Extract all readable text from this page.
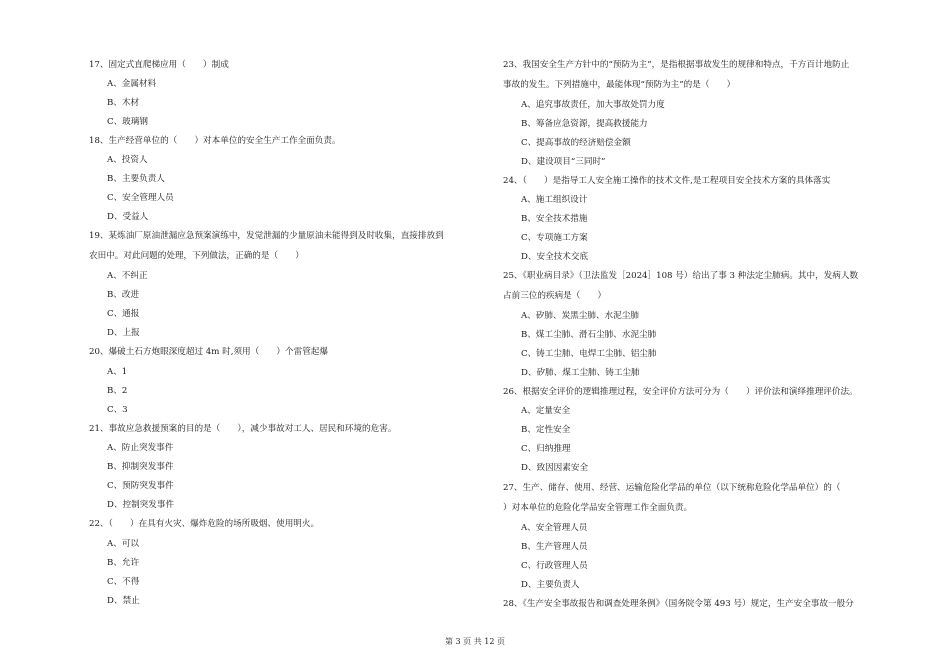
17、固定式直爬梯应用（　　）制成
A、金属材料
B、木材
C、玻璃钢
18、生产经营单位的（　　）对本单位的安全生产工作全面负责。
A、投资人
B、主要负责人
C、安全管理人员
D、受益人
19、某炼油厂原油泄漏应急预案演练中，发觉泄漏的少量原油未能得到及时收集，直接排放到
农田中。对此问题的处理，下列做法，正确的是（　　）
A、不纠正
B、改进
C、通报
D、上报
20、爆破土石方炮眼深度超过 4m 时,须用（　　）个雷管起爆
A、1
B、2
C、3
21、事故应急救援预案的目的是（　　），减少事故对工人、居民和环境的危害。
A、防止突发事件
B、抑制突发事件
C、预防突发事件
D、控制突发事件
22、（　　）在具有火灾、爆炸危险的场所吸烟、使用明火。
A、可以
B、允许
C、不得
D、禁止
23、我国安全生产方针中的“预防为主”，是指根据事故发生的规律和特点，千方百计地防止
事故的发生。下列措施中，最能体现“预防为主”的是（　　）
A、追究事故责任，加大事故处罚力度
B、筹备应急资源，提高救援能力
C、提高事故的经济赔偿金额
D、建设项目“三同时”
24、（　　）是指导工人安全施工操作的技术文件,是工程项目安全技术方案的具体落实
A、施工组织设计
B、安全技术措施
C、专项施工方案
D、安全技术交底
25、《职业病目录》（卫法监发［2024］108 号）给出了事 3 种法定尘肺病。其中，发病人数
占前三位的疾病是（　　）
A、矽肺、炭黑尘肺、水泥尘肺
B、煤工尘肺、滑石尘肺、水泥尘肺
C、铸工尘肺、电焊工尘肺、铝尘肺
D、矽肺、煤工尘肺、铸工尘肺
26、根据安全评价的逻辑推理过程，安全评价方法可分为（　　）评价法和演绎推理评价法。
A、定量安全
B、定性安全
C、归纳推理
D、致因因素安全
27、生产、储存、使用、经营、运输危险化学品的单位（以下统称危险化学品单位）的（
）对本单位的危险化学品安全管理工作全面负责。
A、安全管理人员
B、生产管理人员
C、行政管理人员
D、主要负责人
28、《生产安全事故报告和调查处理条例》（国务院令第 493 号）规定，生产安全事故一般分
第 3 页 共 12 页
